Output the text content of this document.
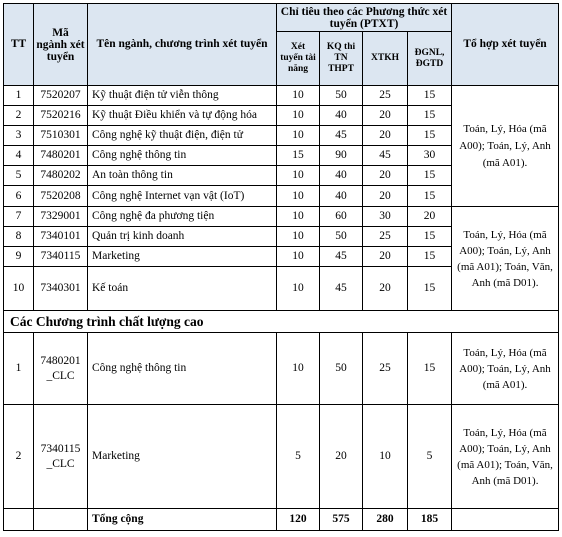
TT	Mã ngành xét tuyển	Tên ngành, chương trình xét tuyển	Chỉ tiêu theo các Phương thức xét tuyển (PTXT)				Tổ hợp xét tuyển
			Xét tuyển tài năng	KQ thi TN THPT	XTKH	ĐGNL, ĐGTD	
1	7520207	Kỹ thuật điện tử viễn thông	10	50	25	15	Toán, Lý, Hóa (mã A00); Toán, Lý, Anh (mã A01).
2	7520216	Kỹ thuật Điều khiển và tự động hóa	10	40	20	15	
3	7510301	Công nghệ kỹ thuật điện, điện tử	10	45	20	15	
4	7480201	Công nghệ thông tin	15	90	45	30	
5	7480202	An toàn thông tin	10	40	20	15	
6	7520208	Công nghệ Internet vạn vật (IoT)	10	40	20	15	
7	7329001	Công nghệ đa phương tiện	10	60	30	20	Toán, Lý, Hóa (mã A00); Toán, Lý, Anh (mã A01); Toán, Văn, Anh (mã D01).
8	7340101	Quản trị kinh doanh	10	50	25	15	
9	7340115	Marketing	10	45	20	15	
10	7340301	Kế toán	10	45	20	15	
Các Chương trình chất lượng cao							
1	7480201 _CLC	Công nghệ thông tin	10	50	25	15	Toán, Lý, Hóa (mã A00); Toán, Lý, Anh (mã A01).
2	7340115 _CLC	Marketing	5	20	10	5	Toán, Lý, Hóa (mã A00); Toán, Lý, Anh (mã A01); Toán, Văn, Anh (mã D01).
		Tổng cộng	120	575	280	185	
